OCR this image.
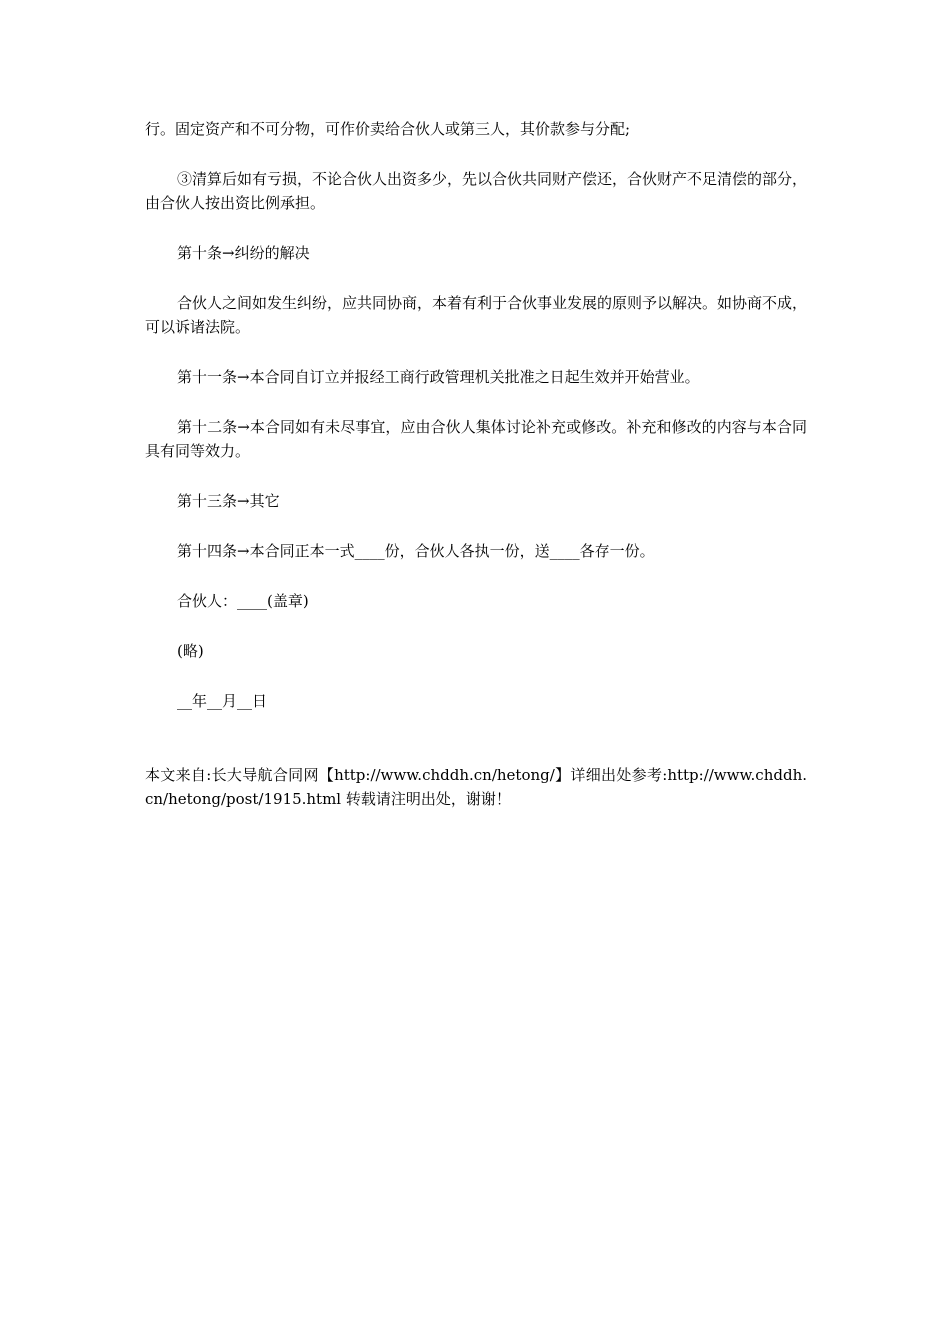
行。固定资产和不可分物，可作价卖给合伙人或第三人，其价款参与分配;

③清算后如有亏损，不论合伙人出资多少，先以合伙共同财产偿还，合伙财产不足清偿的部分，由合伙人按出资比例承担。

第十条→纠纷的解决

合伙人之间如发生纠纷，应共同协商，本着有利于合伙事业发展的原则予以解决。如协商不成，可以诉诸法院。

第十一条→本合同自订立并报经工商行政管理机关批准之日起生效并开始营业。

第十二条→本合同如有未尽事宜，应由合伙人集体讨论补充或修改。补充和修改的内容与本合同具有同等效力。

第十三条→其它

第十四条→本合同正本一式____份，合伙人各执一份，送____各存一份。

合伙人：____(盖章)

(略)

__年__月__日

本文来自:长大导航合同网【http://www.chddh.cn/hetong/】详细出处参考:http://www.chddh.cn/hetong/post/1915.html 转载请注明出处，谢谢！
